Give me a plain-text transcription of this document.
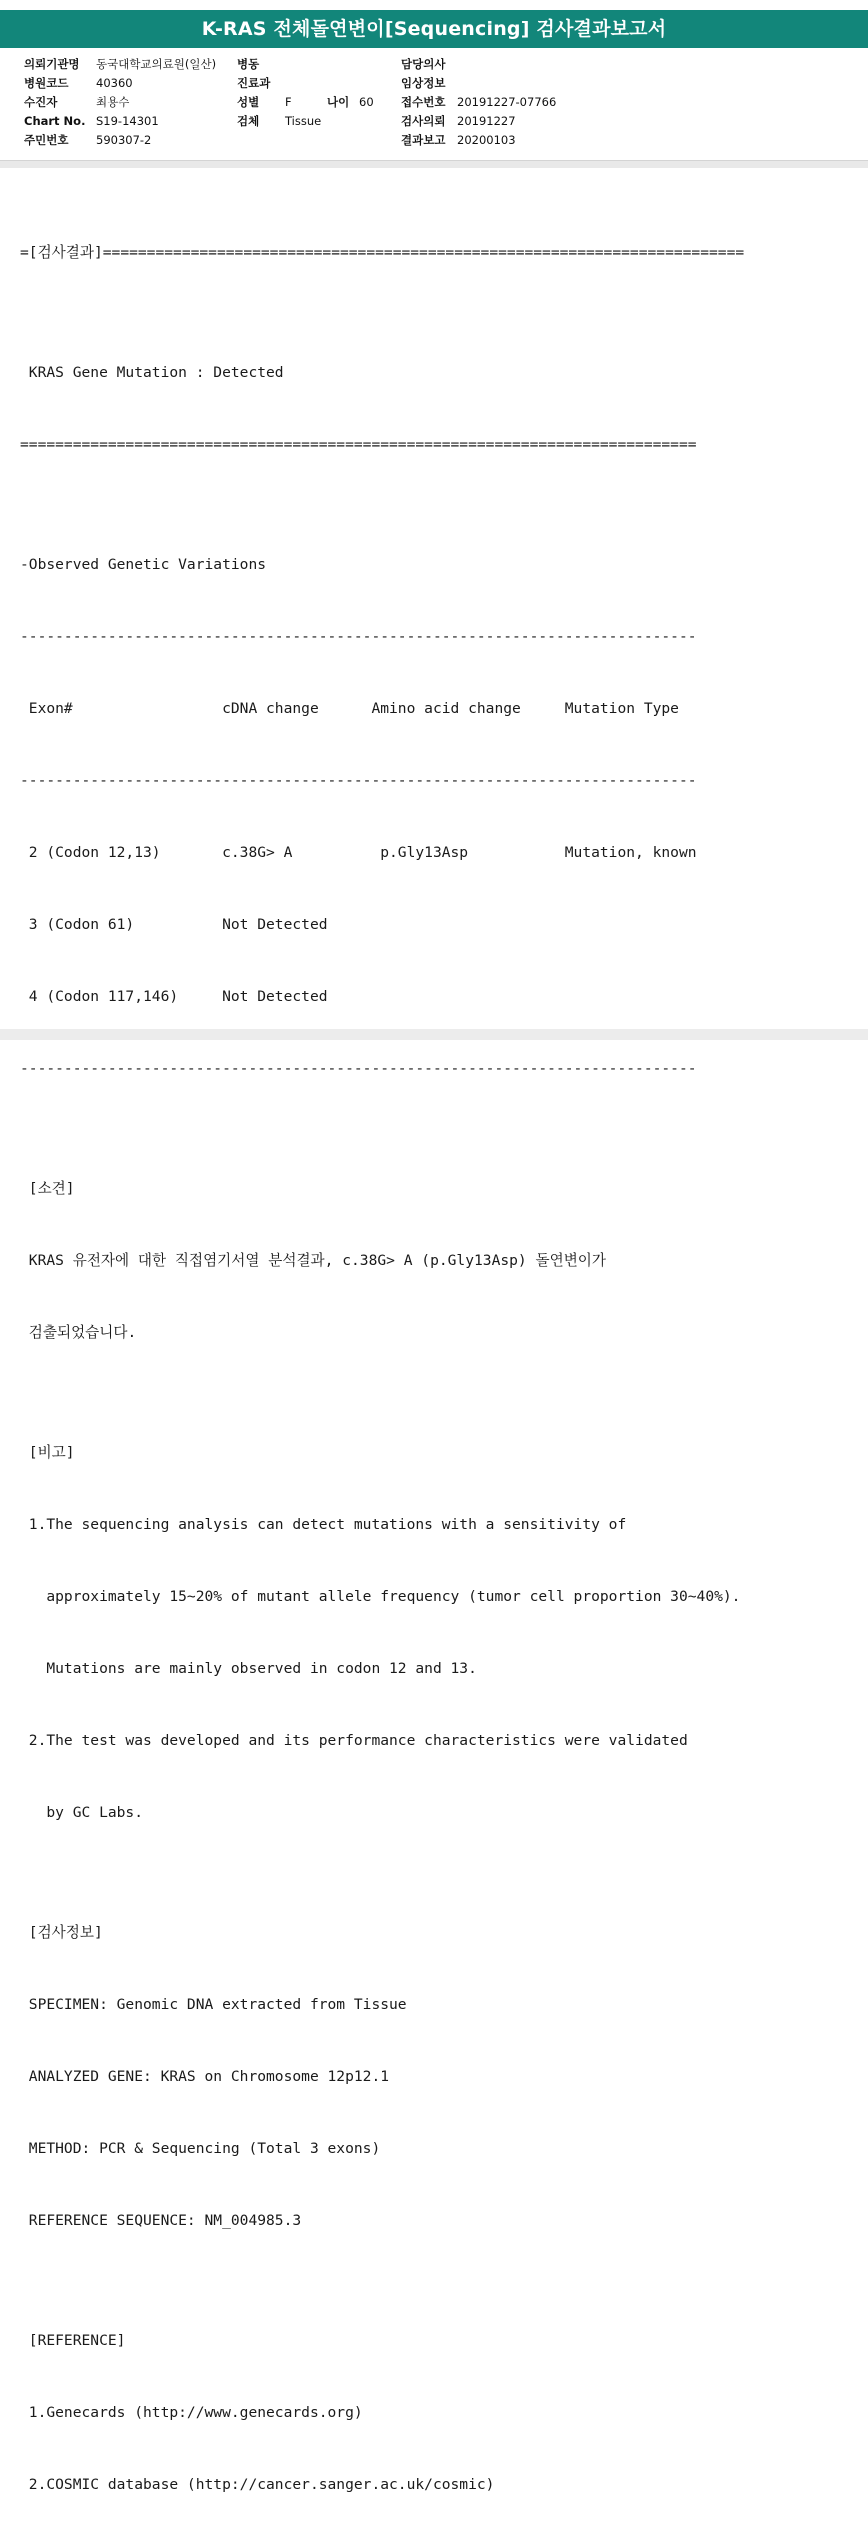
K-RAS 전체돌연변이[Sequencing] 검사결과보고서
의뢰기관명 동국대학교의료원(일산)
병원코드 40360
수진자	최용수
Chart No. S19-14301
주민번호 590307-2
병동
진료과
성별 F	나이 60
검체 Tissue
담당의사
임상정보
접수번호 20191227-07766
검사의뢰 20191227
결과보고 20200103

=[검사결과]=========================================================================

KRAS Gene Mutation : Detected

=============================================================================

-Observed Genetic Variations

-----------------------------------------------------------------------------

Exon#                 cDNA change      Amino acid change     Mutation Type

-----------------------------------------------------------------------------

2 (Codon 12,13)       c.38G> A          p.Gly13Asp           Mutation, known

3 (Codon 61)          Not Detected

4 (Codon 117,146)     Not Detected

-----------------------------------------------------------------------------

[소견]

KRAS 유전자에 대한 직접염기서열 분석결과, c.38G> A (p.Gly13Asp) 돌연변이가

검출되었습니다.

[비고]

1.The sequencing analysis can detect mutations with a sensitivity of

approximately 15~20% of mutant allele frequency (tumor cell proportion 30~40%).

Mutations are mainly observed in codon 12 and 13.

2.The test was developed and its performance characteristics were validated

by GC Labs.

[검사정보]

SPECIMEN: Genomic DNA extracted from Tissue

ANALYZED GENE: KRAS on Chromosome 12p12.1

METHOD: PCR & Sequencing (Total 3 exons)

REFERENCE SEQUENCE: NM_004985.3

[REFERENCE]

1.Genecards (http://www.genecards.org)

2.COSMIC database (http://cancer.sanger.ac.uk/cosmic)
